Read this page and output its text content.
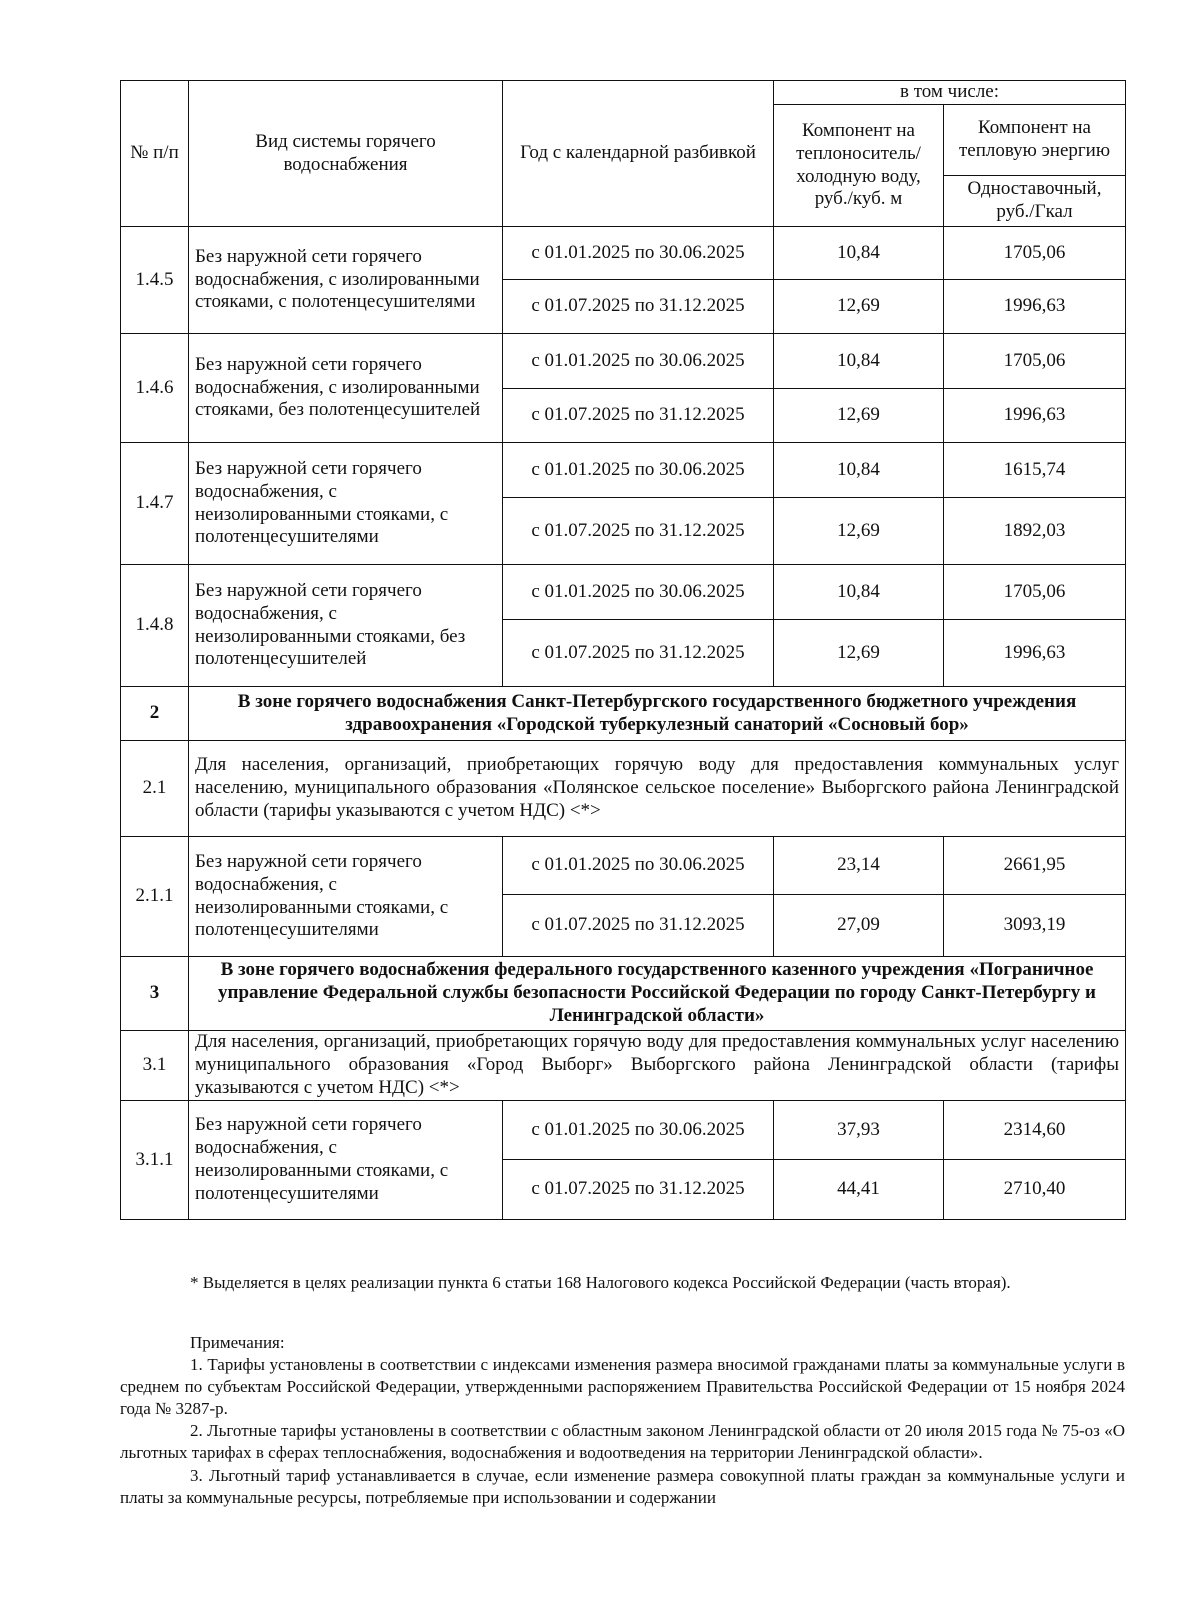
№ п/п	Вид системы горячего водоснабжения	Год с календарной разбивкой	в том числе:	
			Компонент на теплоноситель/ холодную воду, руб./куб. м	Компонент на тепловую энергию
				Одноставочный, руб./Гкал
1.4.5	Без наружной сети горячего водоснабжения, с изолированными стояками, с полотенцесушителями	с 01.01.2025 по 30.06.2025	10,84	1705,06
		с 01.07.2025 по 31.12.2025	12,69	1996,63
1.4.6	Без наружной сети горячего водоснабжения, с изолированными стояками, без полотенцесушителей	с 01.01.2025 по 30.06.2025	10,84	1705,06
		с 01.07.2025 по 31.12.2025	12,69	1996,63
1.4.7	Без наружной сети горячего водоснабжения, с неизолированными стояками, с полотенцесушителями	с 01.01.2025 по 30.06.2025	10,84	1615,74
		с 01.07.2025 по 31.12.2025	12,69	1892,03
1.4.8	Без наружной сети горячего водоснабжения, с неизолированными стояками, без полотенцесушителей	с 01.01.2025 по 30.06.2025	10,84	1705,06
		с 01.07.2025 по 31.12.2025	12,69	1996,63
2	В зоне горячего водоснабжения Санкт-Петербургского государственного бюджетного учреждения здравоохранения «Городской туберкулезный санаторий «Сосновый бор»			
2.1	Для населения, организаций, приобретающих горячую воду для предоставления коммунальных услуг населению, муниципального образования «Полянское сельское поселение» Выборгского района Ленинградской области (тарифы указываются с учетом НДС) <*>			
2.1.1	Без наружной сети горячего водоснабжения, с неизолированными стояками, с полотенцесушителями	с 01.01.2025 по 30.06.2025	23,14	2661,95
		с 01.07.2025 по 31.12.2025	27,09	3093,19
3	В зоне горячего водоснабжения федерального государственного казенного учреждения «Пограничное управление Федеральной службы безопасности Российской Федерации по городу Санкт-Петербургу и Ленинградской области»			
3.1	Для населения, организаций, приобретающих горячую воду для предоставления коммунальных услуг населению муниципального образования «Город Выборг» Выборгского района Ленинградской области (тарифы указываются с учетом НДС) <*>			
3.1.1	Без наружной сети горячего водоснабжения, с неизолированными стояками, с полотенцесушителями	с 01.01.2025 по 30.06.2025	37,93	2314,60
		с 01.07.2025 по 31.12.2025	44,41	2710,40

* Выделяется в целях реализации пункта 6 статьи 168 Налогового кодекса Российской Федерации (часть вторая).

Примечания:

1. Тарифы установлены в соответствии с индексами изменения размера вносимой гражданами платы за коммунальные услуги в среднем по субъектам Российской Федерации, утвержденными распоряжением Правительства Российской Федерации от 15 ноября 2024 года № 3287-р.

2. Льготные тарифы установлены в соответствии с областным законом Ленинградской области от 20 июля 2015 года № 75-оз «О льготных тарифах в сферах теплоснабжения, водоснабжения и водоотведения на территории Ленинградской области».

3. Льготный тариф устанавливается в случае, если изменение размера совокупной платы граждан за коммунальные услуги и платы за коммунальные ресурсы, потребляемые при использовании и содержании
